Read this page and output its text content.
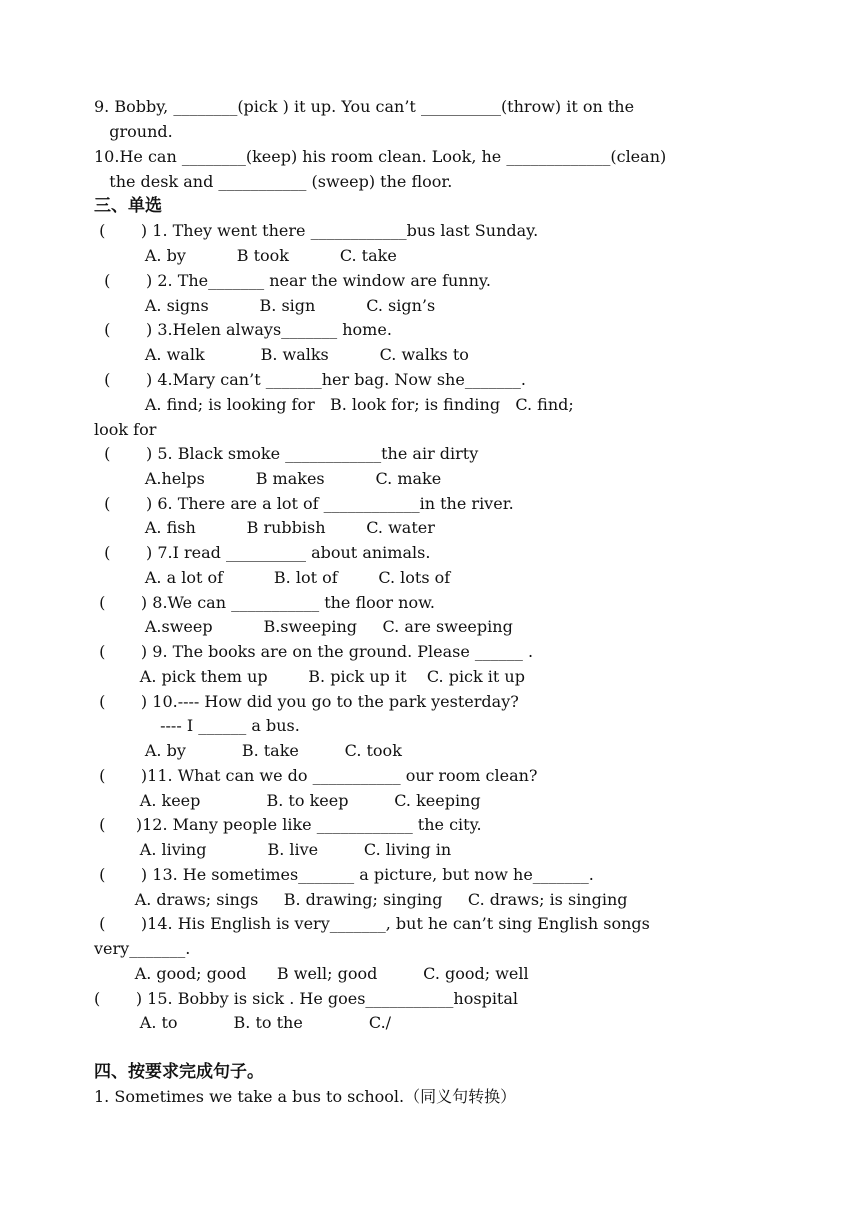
9. Bobby, ________(pick ) it up. You can’t __________(throw) it on the
ground.
10.He can ________(keep) his room clean. Look, he _____________(clean)
the desk and ___________ (sweep) the floor.
三、单选
(       ) 1. They went there ____________bus last Sunday.
A. by          B took          C. take
(       ) 2. The_______ near the window are funny.
A. signs          B. sign          C. sign’s
(       ) 3.Helen always_______ home.
A. walk           B. walks          C. walks to
(       ) 4.Mary can’t _______her bag. Now she_______.
A. find; is looking for   B. look for; is finding   C. find;
look for
(       ) 5. Black smoke ____________the air dirty
A.helps          B makes          C. make
(       ) 6. There are a lot of ____________in the river.
A. fish          B rubbish        C. water
(       ) 7.I read __________ about animals.
A. a lot of          B. lot of        C. lots of
(       ) 8.We can ___________ the floor now.
A.sweep          B.sweeping     C. are sweeping
(       ) 9. The books are on the ground. Please ______ .
A. pick them up        B. pick up it    C. pick it up
(       ) 10.---- How did you go to the park yesterday?
---- I ______ a bus.
A. by           B. take         C. took
(       )11. What can we do ___________ our room clean?
A. keep             B. to keep         C. keeping
(      )12. Many people like ____________ the city.
A. living            B. live         C. living in
(       ) 13. He sometimes_______ a picture, but now he_______.
A. draws; sings     B. drawing; singing     C. draws; is singing
(       )14. His English is very_______, but he can’t sing English songs
very_______.
A. good; good      B well; good         C. good; well
(       ) 15. Bobby is sick . He goes___________hospital
A. to           B. to the             C./
四、按要求完成句子。
1. Sometimes we take a bus to school.（同义句转换）
